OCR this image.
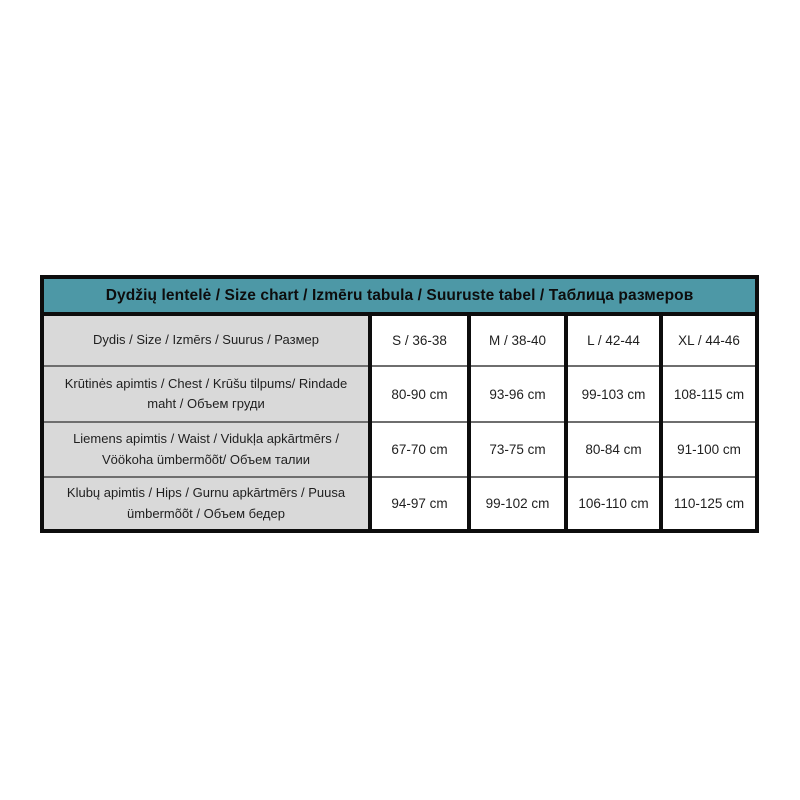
Dydžių lentelė / Size chart / Izmēru tabula / Suuruste tabel / Таблица размеров				
Dydis / Size / Izmērs / Suurus / Размер	S / 36-38	M / 38-40	L / 42-44	XL / 44-46
Krūtinės apimtis / Chest / Krūšu tilpums/ Rindade maht / Объем груди	80-90 cm	93-96 cm	99-103 cm	108-115 cm
Liemens apimtis / Waist / Vidukļa apkārtmērs / Vöökoha ümbermõõt/ Объем талии	67-70 cm	73-75 cm	80-84 cm	91-100 cm
Klubų apimtis / Hips / Gurnu apkārtmērs / Puusa ümbermõõt / Объем бедер	94-97 cm	99-102 cm	106-110 cm	110-125 cm
